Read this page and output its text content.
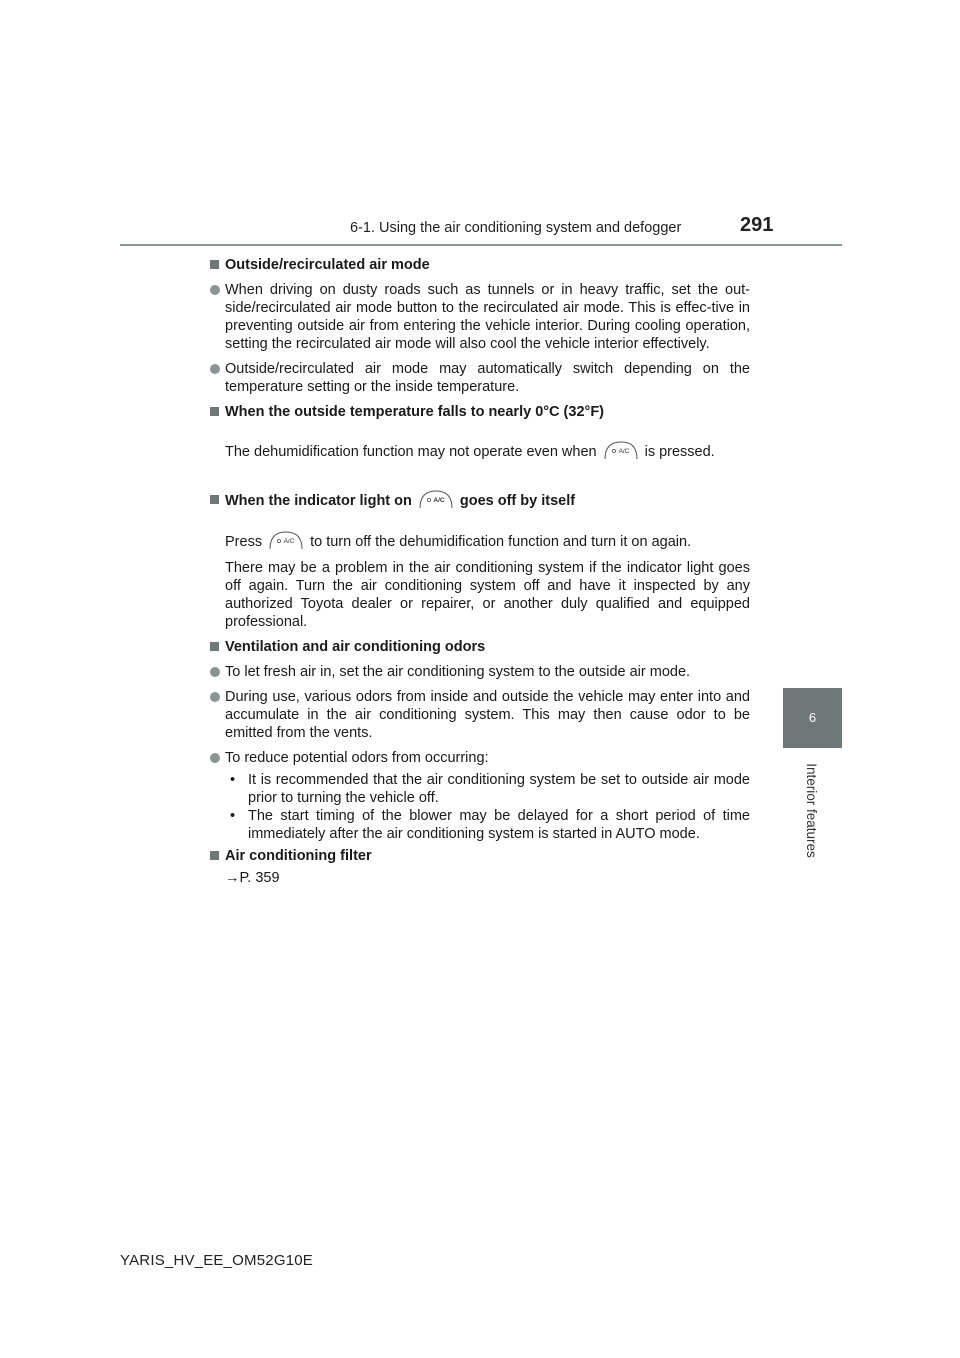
6-1. Using the air conditioning system and defogger	291
6
Interior features
Outside/recirculated air mode
When driving on dusty roads such as tunnels or in heavy traffic, set the out-side/recirculated air mode button to the recirculated air mode. This is effec-tive in preventing outside air from entering the vehicle interior. During cooling operation, setting the recirculated air mode will also cool the vehicle interior effectively.
Outside/recirculated air mode may automatically switch depending on the temperature setting or the inside temperature.
When the outside temperature falls to nearly 0°C (32°F)
The dehumidification function may not operate even when	A/C is pressed.
When the indicator light on	A/C goes off by itself
Press	A/C to turn off the dehumidification function and turn it on again.
There may be a problem in the air conditioning system if the indicator light goes off again. Turn the air conditioning system off and have it inspected by any authorized Toyota dealer or repairer, or another duly qualified and equipped professional.
Ventilation and air conditioning odors
To let fresh air in, set the air conditioning system to the outside air mode.
During use, various odors from inside and outside the vehicle may enter into and accumulate in the air conditioning system. This may then cause odor to be emitted from the vents.
To reduce potential odors from occurring:
• It is recommended that the air conditioning system be set to outside air mode prior to turning the vehicle off.
• The start timing of the blower may be delayed for a short period of time immediately after the air conditioning system is started in AUTO mode.
Air conditioning filter
→P. 359
YARIS_HV_EE_OM52G10E
